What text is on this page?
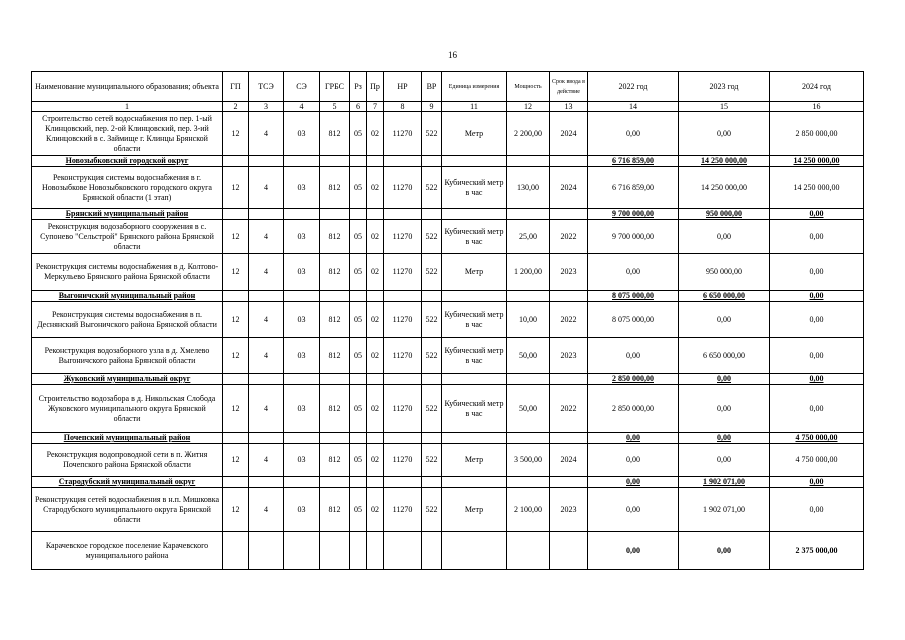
16
Наименование муниципального образования; объекта	ГП	ТСЭ	СЭ	ГРБС	Рз	Пр	НР	ВР	Единица измерения	Мощность	Срок ввода в действие	2022 год	2023 год	2024 год
1	2	3	4	5	6	7	8	9	11	12	13	14	15	16
Строительство сетей водоснабжения по пер. 1-ый Клинцовский, пер. 2-ой Клинцовский, пер. 3-ий Клинцовский в с. Займище г. Клинцы Брянской области	12	4	03	812	05	02	11270	522	Метр	2 200,00	2024	0,00	0,00	2 850 000,00
Новозыбковский городской округ												6 716 859,00	14 250 000,00	14 250 000,00
Реконструкция системы водоснабжения в г. Новозыбкове Новозыбковского городского округа Брянской области (1 этап)	12	4	03	812	05	02	11270	522	Кубический метр в час	130,00	2024	6 716 859,00	14 250 000,00	14 250 000,00
Брянский муниципальный район												9 700 000,00	950 000,00	0,00
Реконструкция водозаборного сооружения в с. Супонево "Сельстрой" Брянского района Брянской области	12	4	03	812	05	02	11270	522	Кубический метр в час	25,00	2022	9 700 000,00	0,00	0,00
Реконструкция системы водоснабжения в д. Колтово-Меркульево Брянского района Брянской области	12	4	03	812	05	02	11270	522	Метр	1 200,00	2023	0,00	950 000,00	0,00
Выгоничский муниципальный район												8 075 000,00	6 650 000,00	0,00
Реконструкция системы водоснабжения в п. Деснянский Выгоничского района Брянской области	12	4	03	812	05	02	11270	522	Кубический метр в час	10,00	2022	8 075 000,00	0,00	0,00
Реконструкция водозаборного узла в д. Хмелево Выгоничского района Брянской области	12	4	03	812	05	02	11270	522	Кубический метр в час	50,00	2023	0,00	6 650 000,00	0,00
Жуковский муниципальный округ												2 850 000,00	0,00	0,00
Строительство водозабора в д. Никольская Слобода Жуковского муниципального округа Брянской области	12	4	03	812	05	02	11270	522	Кубический метр в час	50,00	2022	2 850 000,00	0,00	0,00
Почепский муниципальный район												0,00	0,00	4 750 000,00
Реконструкция водопроводной сети в п. Житня Почепского района Брянской области	12	4	03	812	05	02	11270	522	Метр	3 500,00	2024	0,00	0,00	4 750 000,00
Стародубский муниципальный округ												0,00	1 902 071,00	0,00
Реконструкция сетей водоснабжения в н.п. Мишковка Стародубского муниципального округа Брянской области	12	4	03	812	05	02	11270	522	Метр	2 100,00	2023	0,00	1 902 071,00	0,00
Карачевское городское поселение Карачевского муниципального района												0,00	0,00	2 375 000,00
